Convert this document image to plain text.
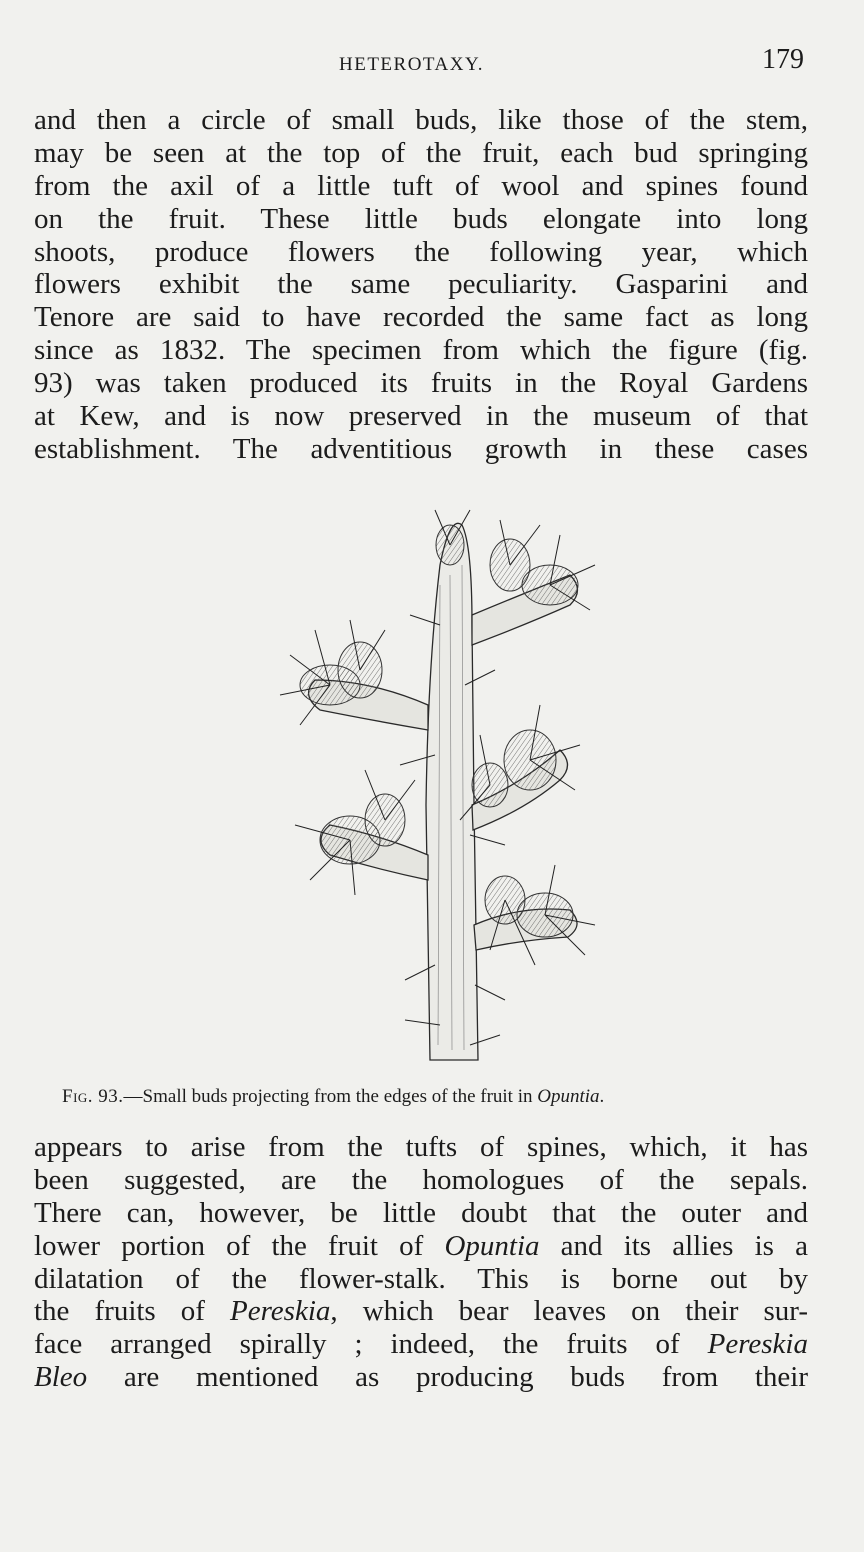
HETEROTAXY.	179
and then a circle of small buds, like those of the stem,
may be seen at the top of the fruit, each bud springing
from the axil of a little tuft of wool and spines found
on the fruit. These little buds elongate into long
shoots, produce flowers the following year, which
flowers exhibit the same peculiarity. Gasparini and
Tenore are said to have recorded the same fact as long
since as 1832. The specimen from which the figure (fig.
93) was taken produced its fruits in the Royal Gardens
at Kew, and is now preserved in the museum of that
establishment. The adventitious growth in these cases
Fig. 93.—Small buds projecting from the edges of the fruit in Opuntia.
appears to arise from the tufts of spines, which, it has
been suggested, are the homologues of the sepals.
There can, however, be little doubt that the outer and
lower portion of the fruit of Opuntia and its allies is a
dilatation of the flower-stalk. This is borne out by
the fruits of Pereskia, which bear leaves on their sur-
face arranged spirally ; indeed, the fruits of Pereskia
Bleo are mentioned as producing buds from their
